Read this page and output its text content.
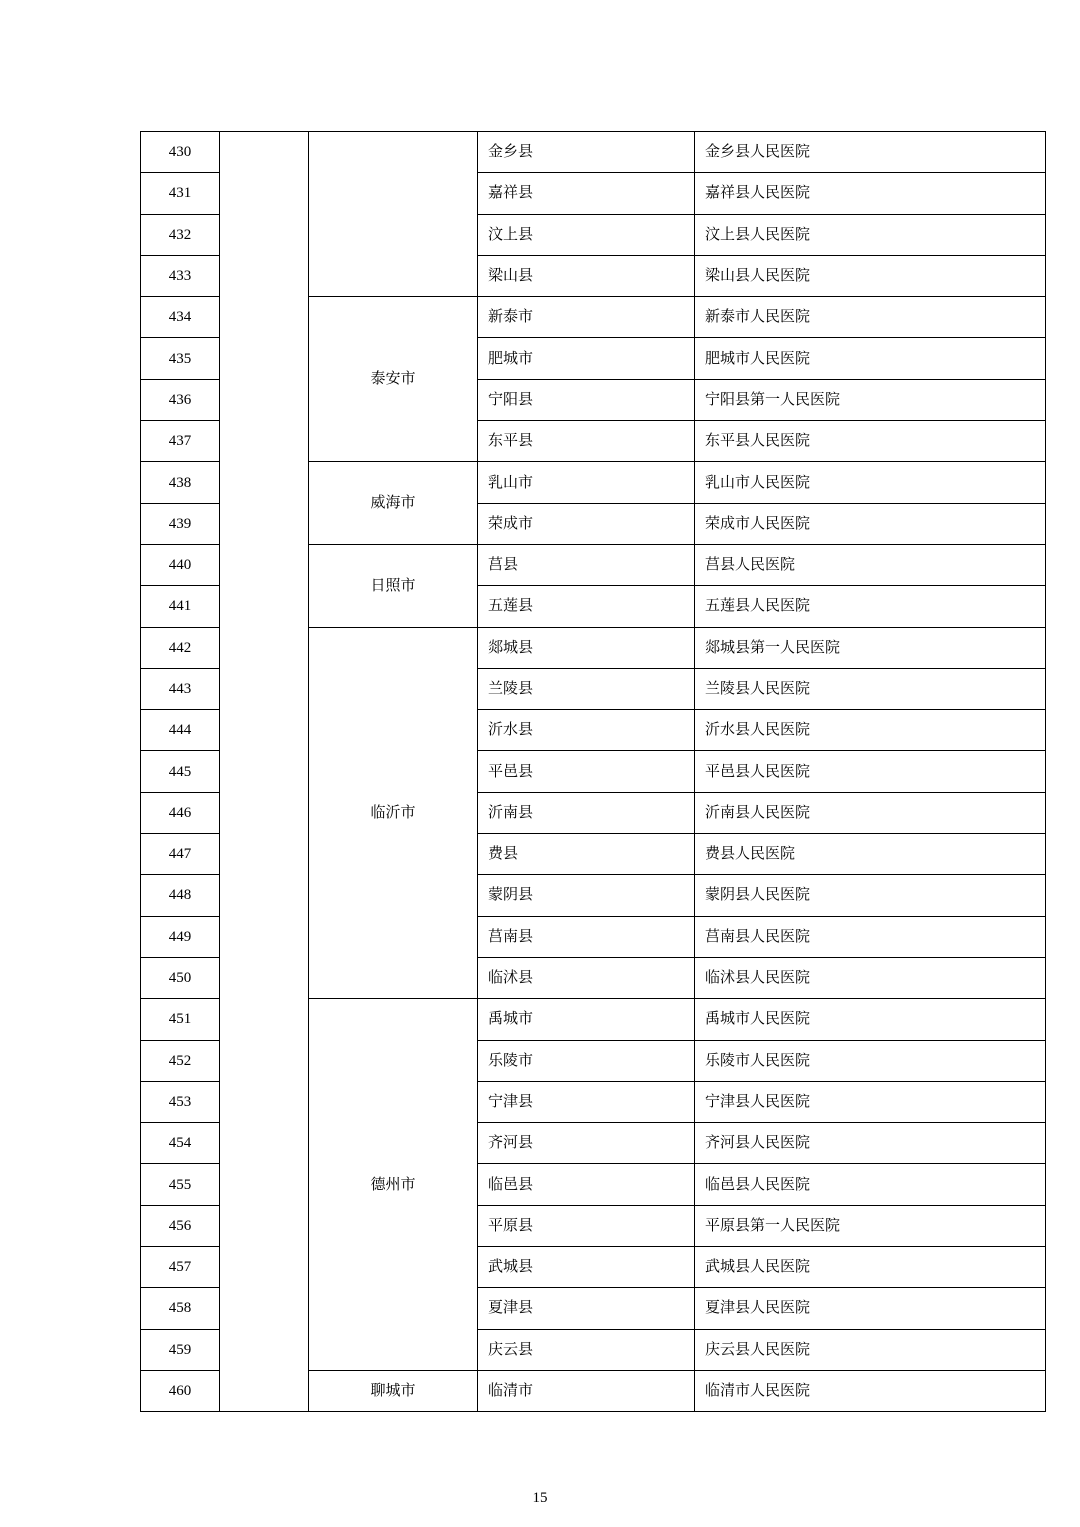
430			金乡县	金乡县人民医院
431			嘉祥县	嘉祥县人民医院
432			汶上县	汶上县人民医院
433			梁山县	梁山县人民医院
434		泰安市	新泰市	新泰市人民医院
435			肥城市	肥城市人民医院
436			宁阳县	宁阳县第一人民医院
437			东平县	东平县人民医院
438		威海市	乳山市	乳山市人民医院
439			荣成市	荣成市人民医院
440		日照市	莒县	莒县人民医院
441			五莲县	五莲县人民医院
442		临沂市	郯城县	郯城县第一人民医院
443			兰陵县	兰陵县人民医院
444			沂水县	沂水县人民医院
445			平邑县	平邑县人民医院
446			沂南县	沂南县人民医院
447			费县	费县人民医院
448			蒙阴县	蒙阴县人民医院
449			莒南县	莒南县人民医院
450			临沭县	临沭县人民医院
451		德州市	禹城市	禹城市人民医院
452			乐陵市	乐陵市人民医院
453			宁津县	宁津县人民医院
454			齐河县	齐河县人民医院
455			临邑县	临邑县人民医院
456			平原县	平原县第一人民医院
457			武城县	武城县人民医院
458			夏津县	夏津县人民医院
459			庆云县	庆云县人民医院
460		聊城市	临清市	临清市人民医院
15
